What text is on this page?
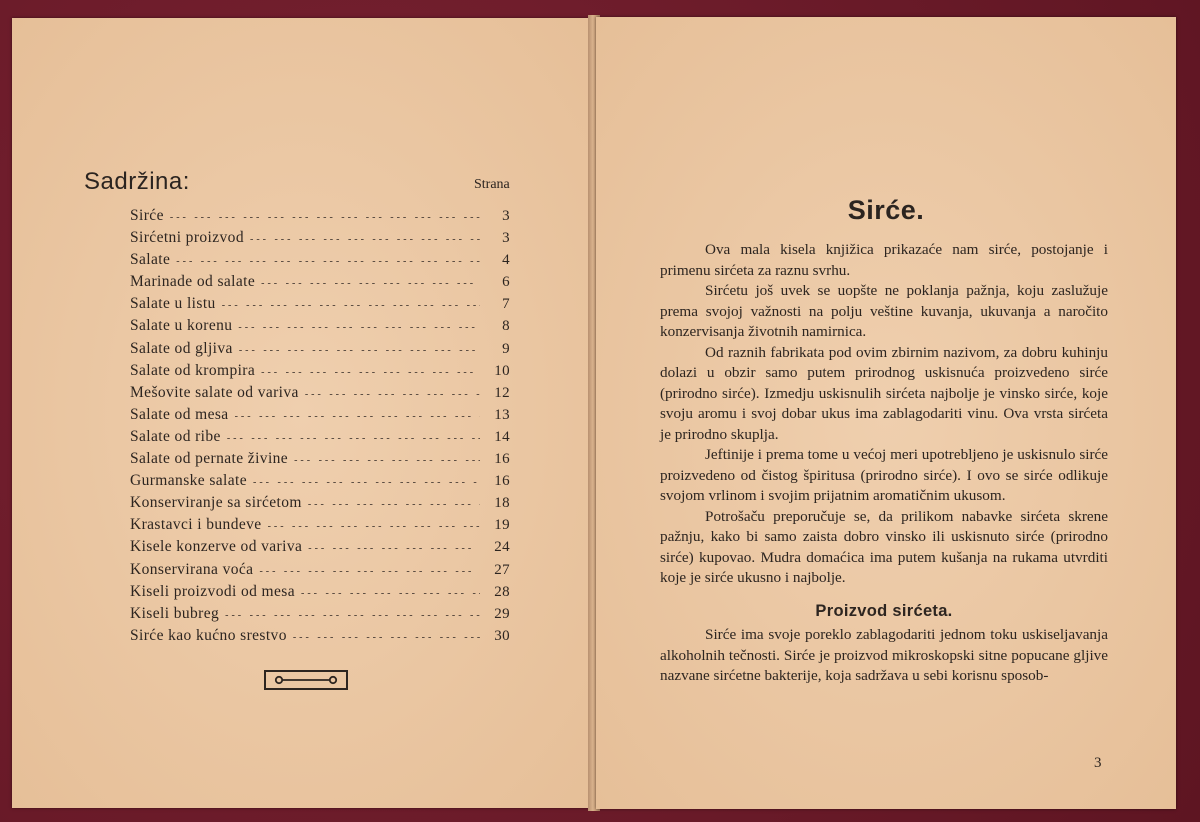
Sadržina:	Strana
Sirće --- -	3
Sirćetni proizvod --- -	3
Salate --- -	4
Marinade od salate --- -	6
Salate u listu --- -	7
Salate u korenu --- -	8
Salate od gljiva --- -	9
Salate od krompira --- -	10
Mešovite salate od variva --- -	12
Salate od mesa --- -	13
Salate od ribe --- -	14
Salate od pernate živine --- -	16
Gurmanske salate --- -	16
Konserviranje sa sirćetom --- -	18
Krastavci i bundeve --- -	19
Kisele konzerve od variva --- -	24
Konservirana voća --- -	27
Kiseli proizvodi od mesa --- -	28
Kiseli bubreg --- -	29
Sirće kao kućno srestvo --- -	30
Sirće.

Ova mala kisela knjižica prikazaće nam sirće, postojanje i primenu sirćeta za raznu svrhu.

Sirćetu još uvek se uopšte ne poklanja pažnja, koju zaslužuje prema svojoj važnosti na polju veštine kuvanja, ukuvanja a naročito konzervisanja životnih namirnica.

Od raznih fabrikata pod ovim zbirnim nazivom, za dobru kuhinju dolazi u obzir samo putem prirodnog uskisnuća proizvedeno sirće (prirodno sirće). Izmedju uskisnulih sirćeta najbolje je vinsko sirće, koje svoju aromu i svoj dobar ukus ima zablagodariti vinu. Ova vrsta sirćeta je prirodno skuplja.

Jeftinije i prema tome u većoj meri upotrebljeno je uskisnulo sirće proizvedeno od čistog špiritusa (prirodno sirće). I ovo se sirće odlikuje svojom vrlinom i svojim prijatnim aromatičnim ukusom.

Potrošaču preporučuje se, da prilikom nabavke sirćeta skrene pažnju, kako bi samo zaista dobro vinsko ili uskisnuto sirće (prirodno sirće) kupovao. Mudra domaćica ima putem kušanja na rukama utvrditi koje je sirće ukusno i najbolje.

Proizvod sirćeta.

Sirće ima svoje poreklo zablagodariti jednom toku uskiseljavanja alkoholnih tečnosti. Sirće je proizvod mikroskopski sitne popucane gljive nazvane sirćetne bakterije, koja sadržava u sebi korisnu sposob-

3
